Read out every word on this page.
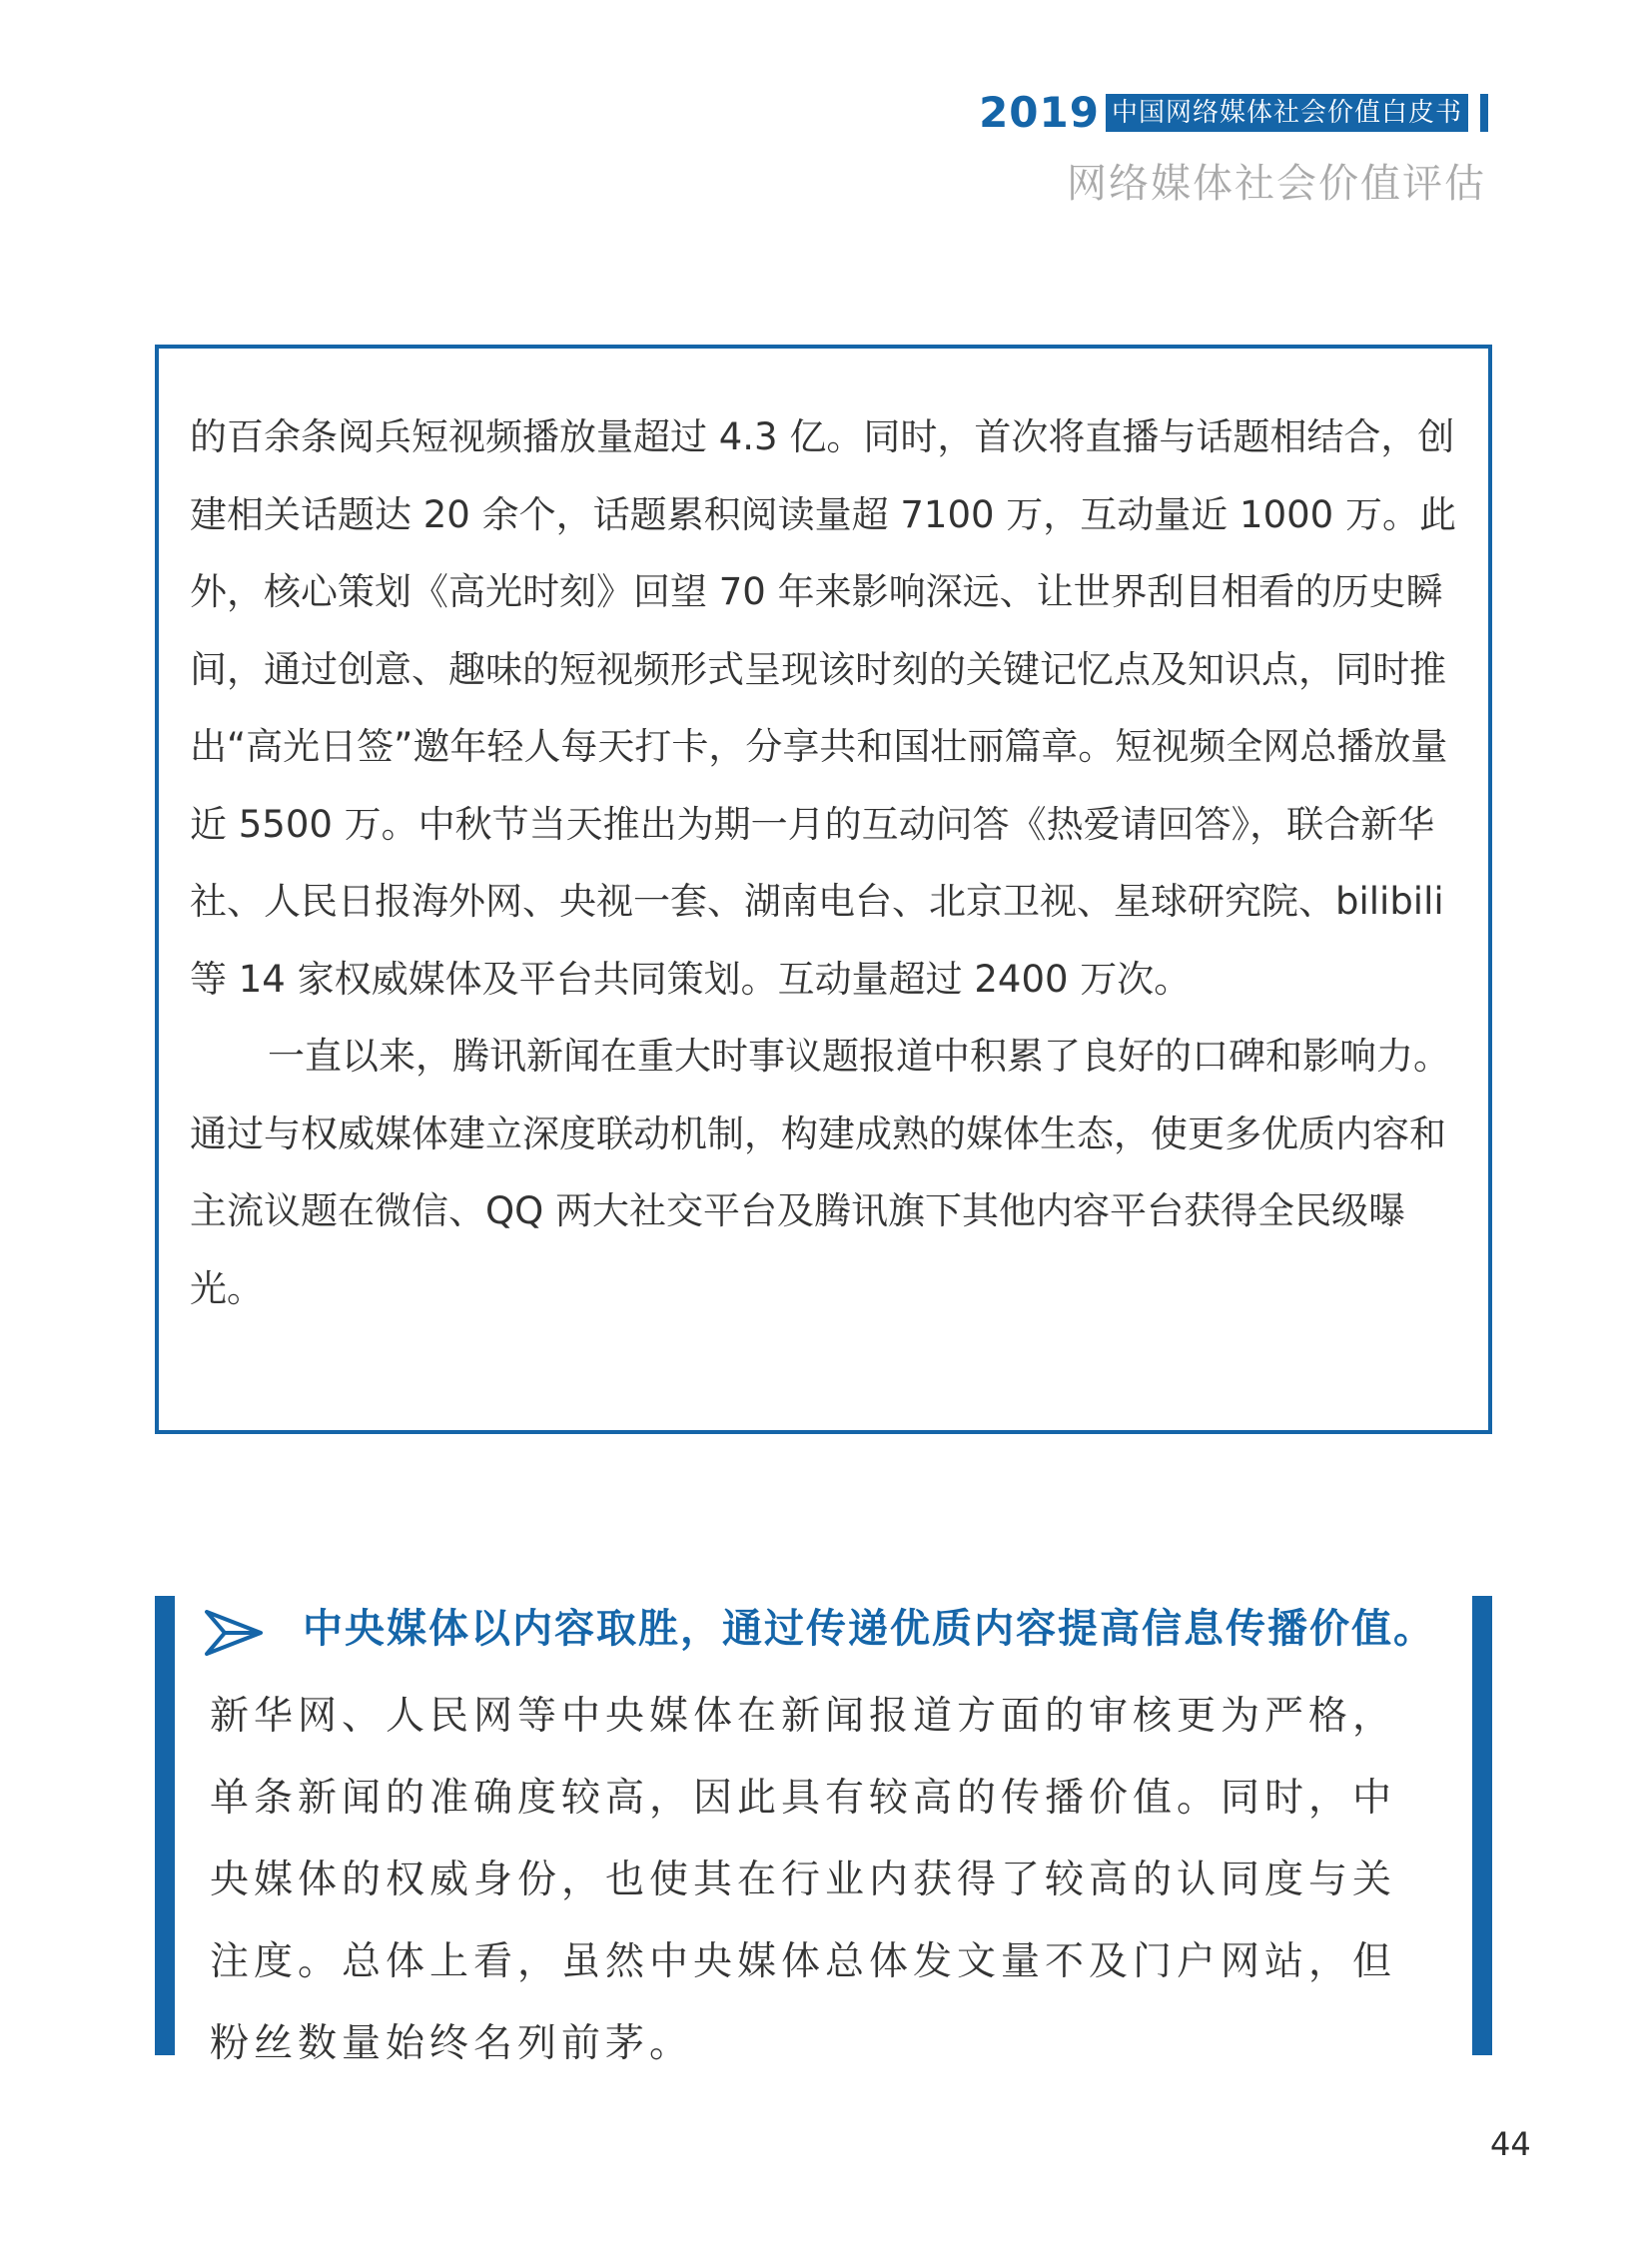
2019 中国网络媒体社会价值白皮书
网络媒体社会价值评估

的百余条阅兵短视频播放量超过 4.3 亿。同时，首次将直播与话题相结合，创建相关话题达 20 余个，话题累积阅读量超 7100 万，互动量近 1000 万。此外，核心策划《高光时刻》回望 70 年来影响深远、让世界刮目相看的历史瞬间，通过创意、趣味的短视频形式呈现该时刻的关键记忆点及知识点，同时推出“高光日签”邀年轻人每天打卡，分享共和国壮丽篇章。短视频全网总播放量近 5500 万。中秋节当天推出为期一月的互动问答《热爱请回答》，联合新华社、人民日报海外网、央视一套、湖南电台、北京卫视、星球研究院、bilibili 等 14 家权威媒体及平台共同策划。互动量超过 2400 万次。

一直以来，腾讯新闻在重大时事议题报道中积累了良好的口碑和影响力。通过与权威媒体建立深度联动机制，构建成熟的媒体生态，使更多优质内容和主流议题在微信、QQ 两大社交平台及腾讯旗下其他内容平台获得全民级曝光。

中央媒体以内容取胜，通过传递优质内容提高信息传播价值。

新华网、人民网等中央媒体在新闻报道方面的审核更为严格，单条新闻的准确度较高，因此具有较高的传播价值。同时，中央媒体的权威身份，也使其在行业内获得了较高的认同度与关注度。总体上看，虽然中央媒体总体发文量不及门户网站，但粉丝数量始终名列前茅。

44
